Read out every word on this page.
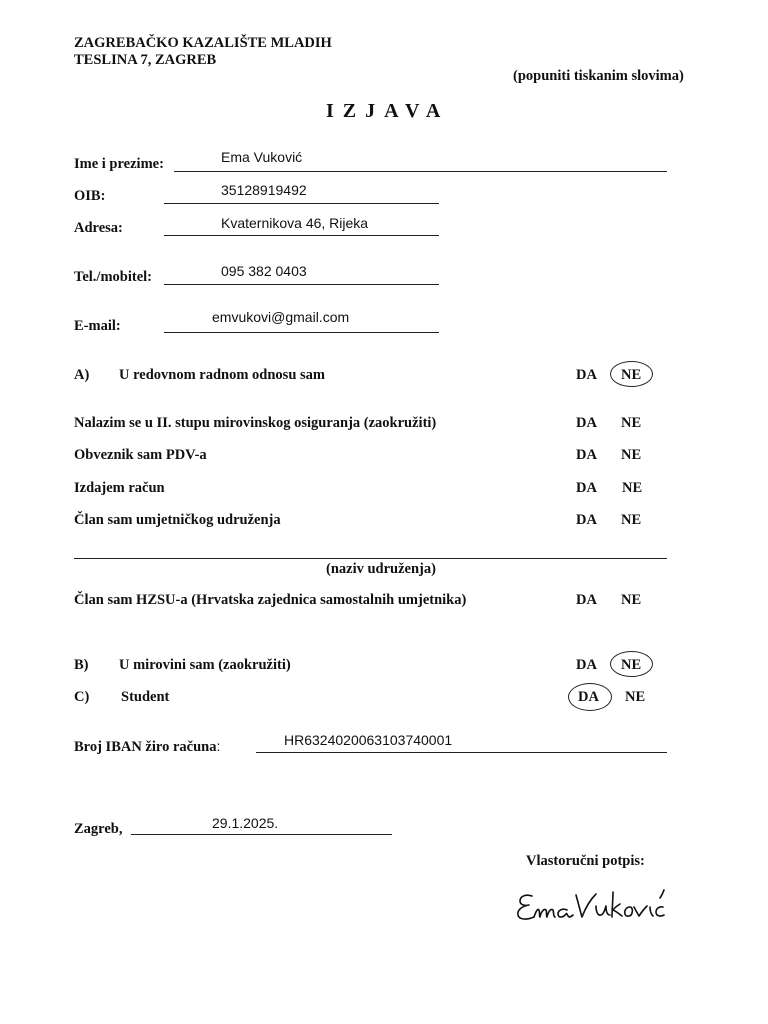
ZAGREBAČKO KAZALIŠTE MLADIH
TESLINA 7, ZAGREB
(popuniti tiskanim slovima)
IZJAVA
Ime i prezime:	Ema Vuković
OIB:	35128919492
Adresa:	Kvaternikova 46, Rijeka
Tel./mobitel:	095 382 0403
E-mail:
emvukovi@gmail.com
A) U redovnom radnom odnosu sam	DA NE
Nalazim se u II. stupu mirovinskog osiguranja (zaokružiti)	DA NE
Obveznik sam PDV-a	DA NE
Izdajem račun	DA NE
Član sam umjetničkog udruženja	DA NE
(naziv udruženja)
Član sam HZSU-a (Hrvatska zajednica samostalnih umjetnika)	DA NE
B) U mirovini sam (zaokružiti)	DA NE
C) Student	DA NE
Broj IBAN žiro računa:	HR6324020063103740001
Zagreb,	29.1.2025.
Vlastoručni potpis:
